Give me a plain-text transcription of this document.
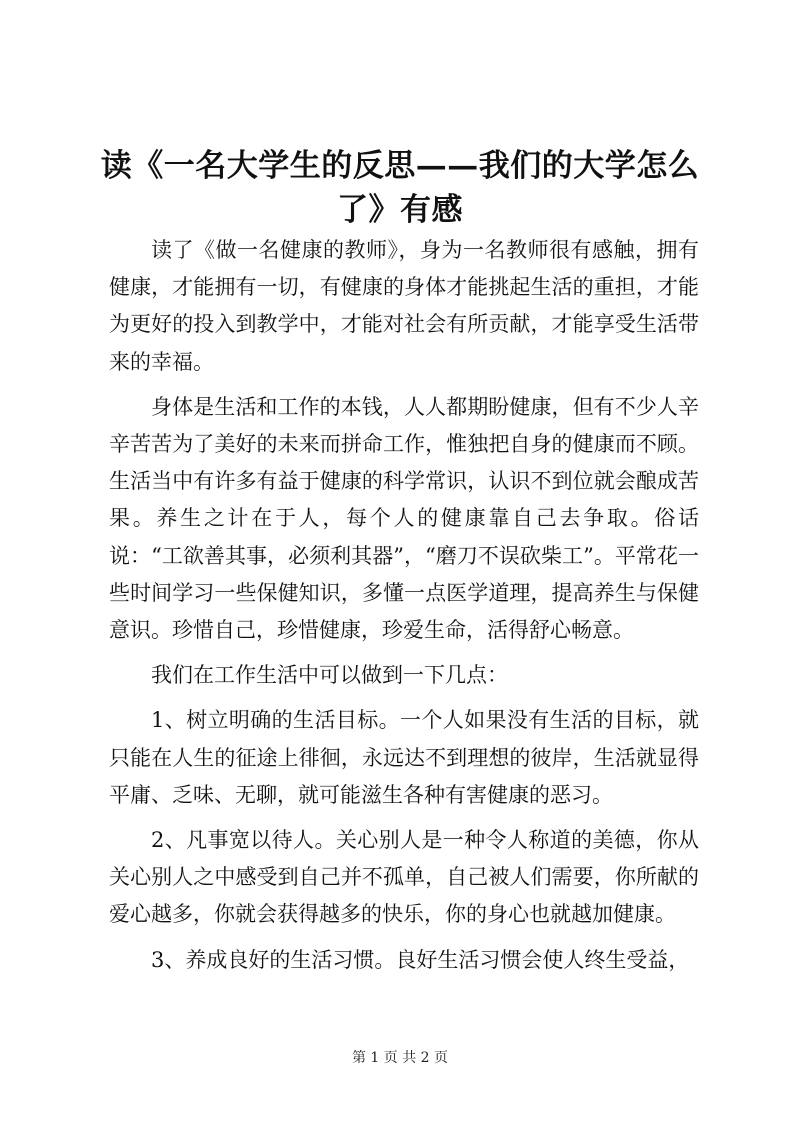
读《一名大学生的反思——我们的大学怎么
了》有感

读了《做一名健康的教师》，身为一名教师很有感触，拥有健康，才能拥有一切，有健康的身体才能挑起生活的重担，才能为更好的投入到教学中，才能对社会有所贡献，才能享受生活带来的幸福。

身体是生活和工作的本钱，人人都期盼健康，但有不少人辛辛苦苦为了美好的未来而拼命工作，惟独把自身的健康而不顾。生活当中有许多有益于健康的科学常识，认识不到位就会酿成苦果。养生之计在于人，每个人的健康靠自己去争取。俗话说：“工欲善其事，必须利其器”，“磨刀不误砍柴工”。平常花一些时间学习一些保健知识，多懂一点医学道理，提高养生与保健意识。珍惜自己，珍惜健康，珍爱生命，活得舒心畅意。

我们在工作生活中可以做到一下几点：

1、树立明确的生活目标。一个人如果没有生活的目标，就只能在人生的征途上徘徊，永远达不到理想的彼岸，生活就显得平庸、乏味、无聊，就可能滋生各种有害健康的恶习。

2、凡事宽以待人。关心别人是一种令人称道的美德，你从关心别人之中感受到自己并不孤单，自己被人们需要，你所献的爱心越多，你就会获得越多的快乐，你的身心也就越加健康。

3、养成良好的生活习惯。良好生活习惯会使人终生受益，

第 1 页 共 2 页
